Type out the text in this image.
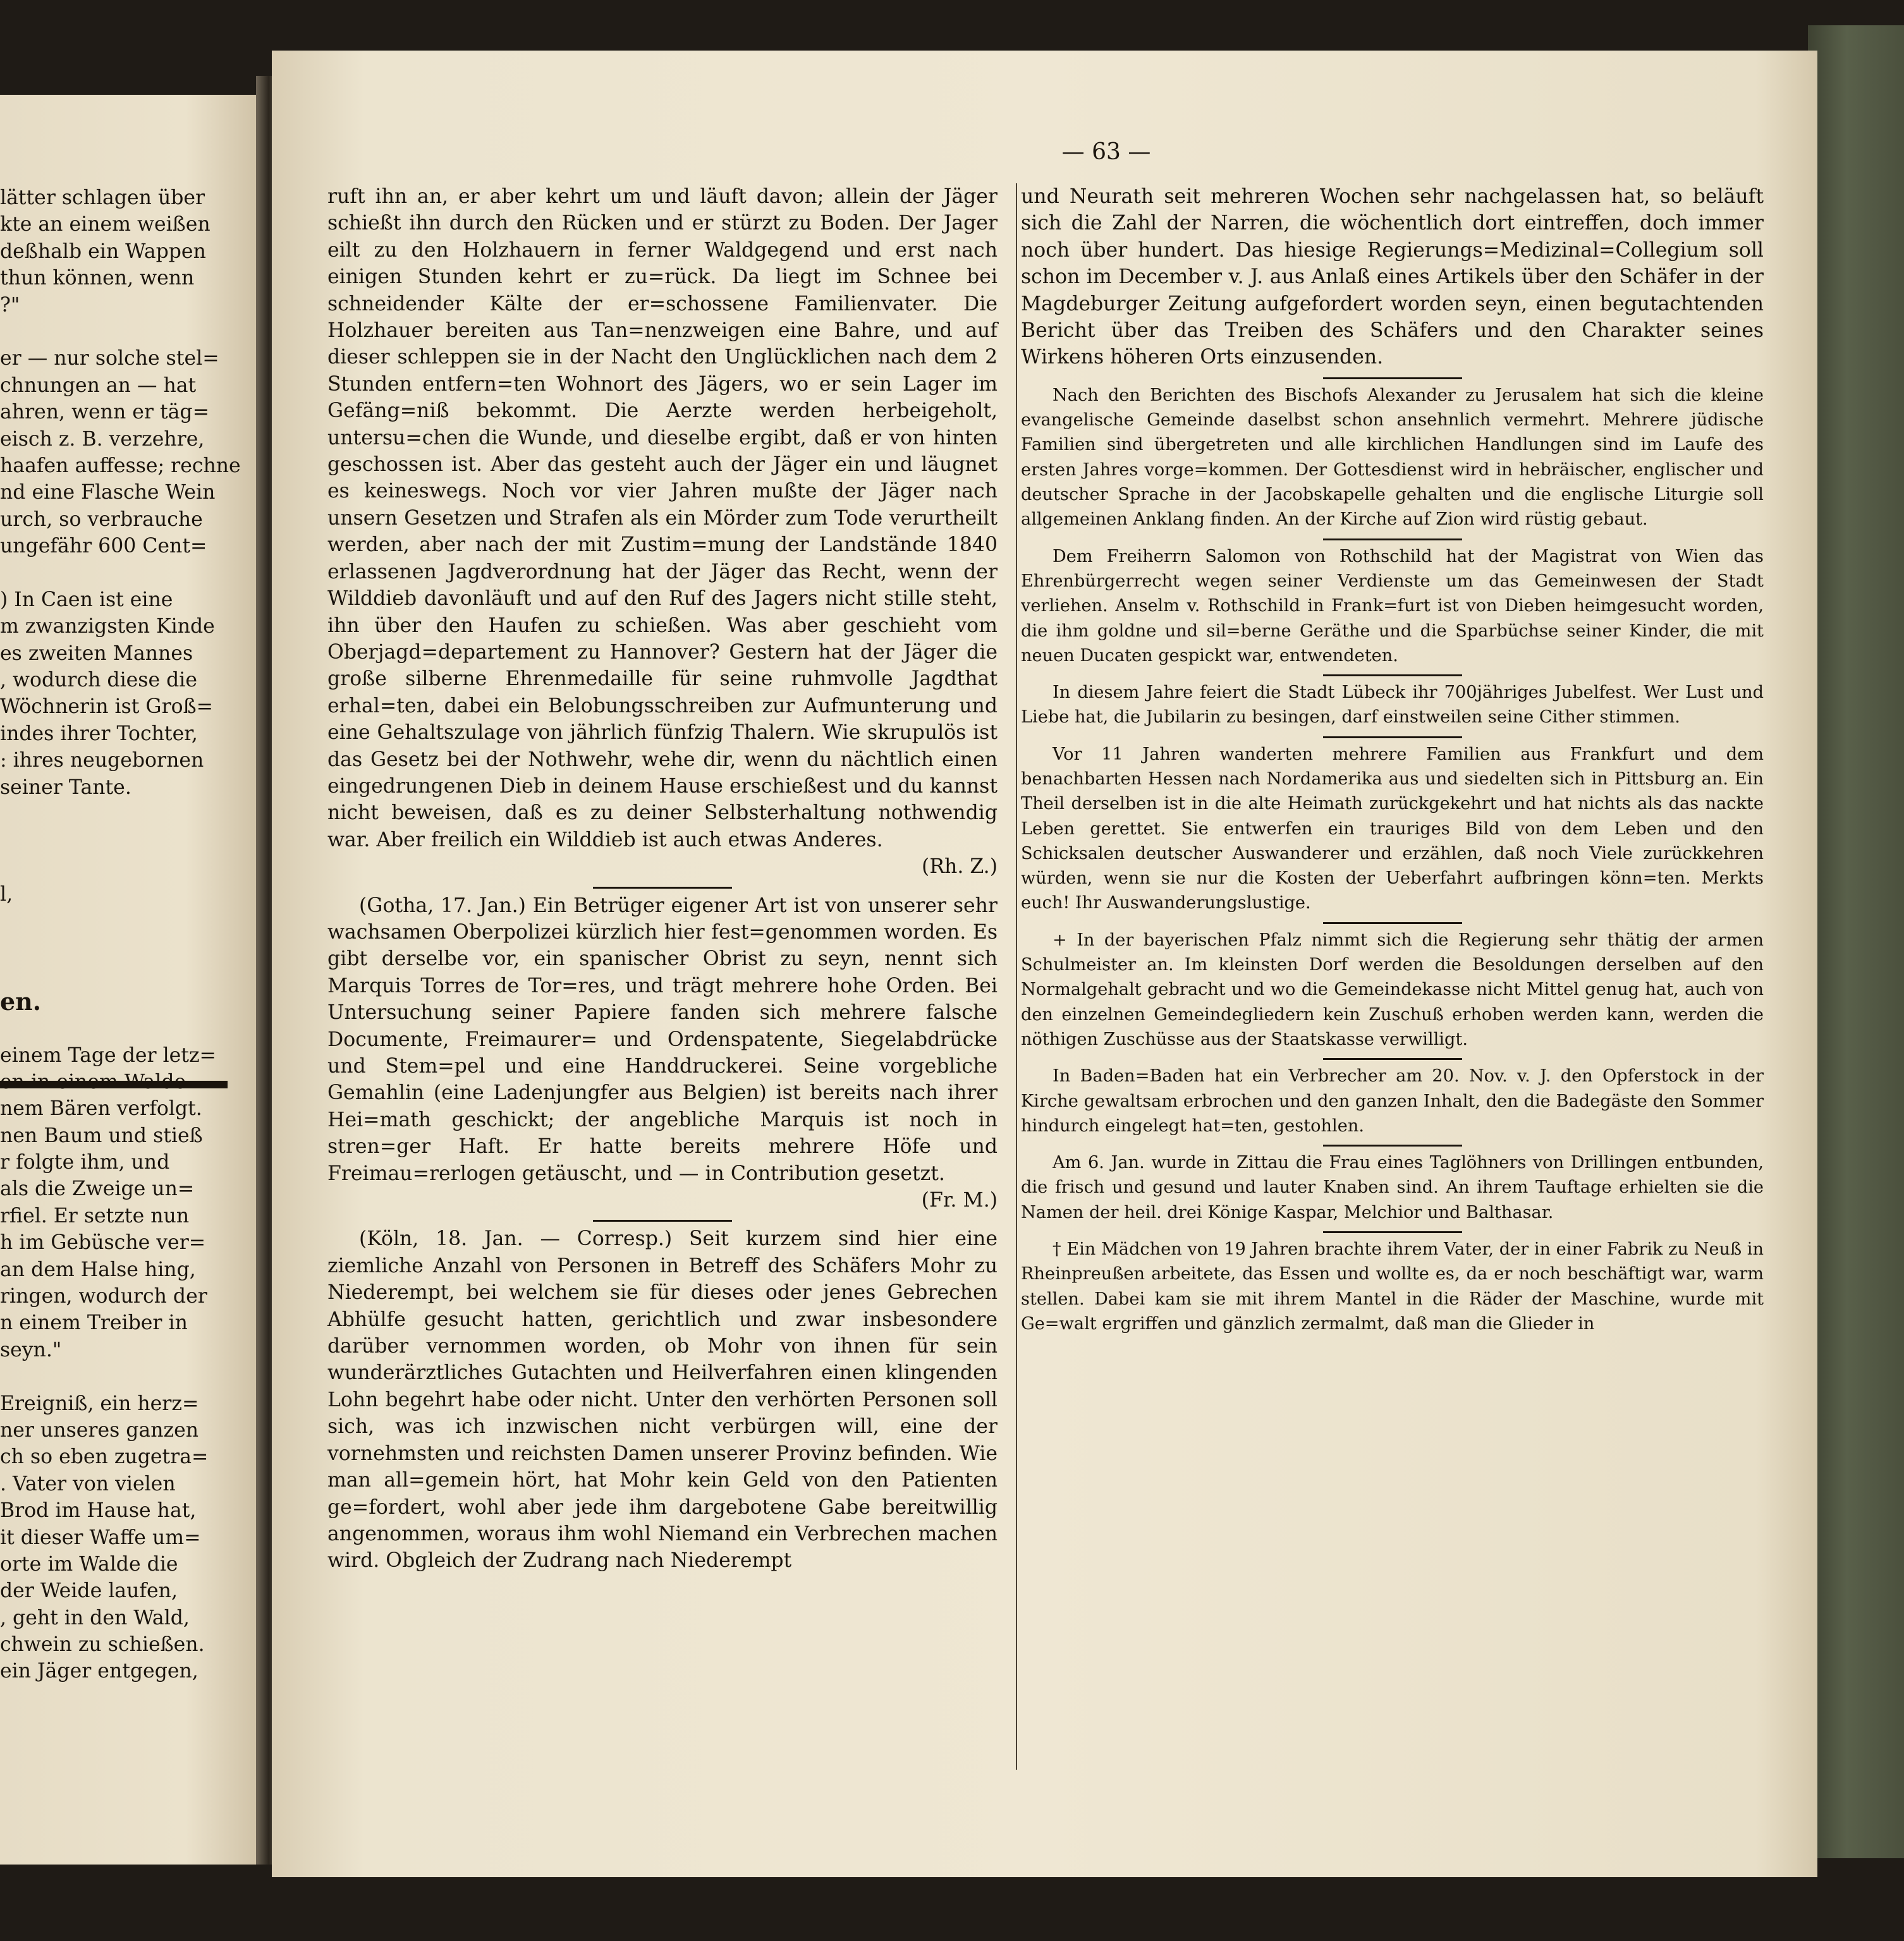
lätter schlagen über
kte an einem weißen
deßhalb ein Wappen
thun können, wenn
?"
er — nur solche stel=
chnungen an — hat
ahren, wenn er täg=
eisch z. B. verzehre,
haafen auffesse; rechne
nd eine Flasche Wein
urch, so verbrauche
ungefähr 600 Cent=
) In Caen ist eine
m zwanzigsten Kinde
es zweiten Mannes
, wodurch diese die
Wöchnerin ist Groß=
indes ihrer Tochter,
: ihres neugebornen
seiner Tante.
l,
en.
einem Tage der letz=
nem Bären verfolgt.
nen Baum und stieß
r folgte ihm, und
als die Zweige un=
rfiel. Er setzte nun
h im Gebüsche ver=
an dem Halse hing,
ringen, wodurch der
n einem Treiber in
seyn."
Ereigniß, ein herz=
ner unseres ganzen
ch so eben zugetra=
. Vater von vielen
Brod im Hause hat,
it dieser Waffe um=
orte im Walde die
der Weide laufen,
, geht in den Wald,
chwein zu schießen.
ein Jäger entgegen,
— 63 —

ruft ihn an, er aber kehrt um und läuft davon; allein der Jäger schießt ihn durch den Rücken und er stürzt zu Boden. Der Jager eilt zu den Holzhauern in ferner Waldgegend und erst nach einigen Stunden kehrt er zu=rück. Da liegt im Schnee bei schneidender Kälte der er=schossene Familienvater. Die Holzhauer bereiten aus Tan=nenzweigen eine Bahre, und auf dieser schleppen sie in der Nacht den Unglücklichen nach dem 2 Stunden entfern=ten Wohnort des Jägers, wo er sein Lager im Gefäng=niß bekommt. Die Aerzte werden herbeigeholt, untersu=chen die Wunde, und dieselbe ergibt, daß er von hinten geschossen ist. Aber das gesteht auch der Jäger ein und läugnet es keineswegs. Noch vor vier Jahren mußte der Jäger nach unsern Gesetzen und Strafen als ein Mörder zum Tode verurtheilt werden, aber nach der mit Zustim=mung der Landstände 1840 erlassenen Jagdverordnung hat der Jäger das Recht, wenn der Wilddieb davonläuft und auf den Ruf des Jagers nicht stille steht, ihn über den Haufen zu schießen. Was aber geschieht vom Oberjagd=departement zu Hannover? Gestern hat der Jäger die große silberne Ehrenmedaille für seine ruhmvolle Jagdthat erhal=ten, dabei ein Belobungsschreiben zur Aufmunterung und eine Gehaltszulage von jährlich fünfzig Thalern. Wie skrupulös ist das Gesetz bei der Nothwehr, wehe dir, wenn du nächtlich einen eingedrungenen Dieb in deinem Hause erschießest und du kannst nicht beweisen, daß es zu deiner Selbsterhaltung nothwendig war. Aber freilich ein Wilddieb ist auch etwas Anderes.

(Rh. Z.)

(Gotha, 17. Jan.) Ein Betrüger eigener Art ist von unserer sehr wachsamen Oberpolizei kürzlich hier fest=genommen worden. Es gibt derselbe vor, ein spanischer Obrist zu seyn, nennt sich Marquis Torres de Tor=res, und trägt mehrere hohe Orden. Bei Untersuchung seiner Papiere fanden sich mehrere falsche Documente, Freimaurer= und Ordenspatente, Siegelabdrücke und Stem=pel und eine Handdruckerei. Seine vorgebliche Gemahlin (eine Ladenjungfer aus Belgien) ist bereits nach ihrer Hei=math geschickt; der angebliche Marquis ist noch in stren=ger Haft. Er hatte bereits mehrere Höfe und Freimau=rerlogen getäuscht, und — in Contribution gesetzt.

(Fr. M.)

(Köln, 18. Jan. — Corresp.) Seit kurzem sind hier eine ziemliche Anzahl von Personen in Betreff des Schäfers Mohr zu Niederempt, bei welchem sie für dieses oder jenes Gebrechen Abhülfe gesucht hatten, gerichtlich und zwar insbesondere darüber vernommen worden, ob Mohr von ihnen für sein wunderärztliches Gutachten und Heilverfahren einen klingenden Lohn begehrt habe oder nicht. Unter den verhörten Personen soll sich, was ich inzwischen nicht verbürgen will, eine der vornehmsten und reichsten Damen unserer Provinz befinden. Wie man all=gemein hört, hat Mohr kein Geld von den Patienten ge=fordert, wohl aber jede ihm dargebotene Gabe bereitwillig angenommen, woraus ihm wohl Niemand ein Verbrechen machen wird. Obgleich der Zudrang nach Niederempt

und Neurath seit mehreren Wochen sehr nachgelassen hat, so beläuft sich die Zahl der Narren, die wöchentlich dort eintreffen, doch immer noch über hundert. Das hiesige Regierungs=Medizinal=Collegium soll schon im December v. J. aus Anlaß eines Artikels über den Schäfer in der Magdeburger Zeitung aufgefordert worden seyn, einen begutachtenden Bericht über das Treiben des Schäfers und den Charakter seines Wirkens höheren Orts einzusenden.

Nach den Berichten des Bischofs Alexander zu Jerusalem hat sich die kleine evangelische Gemeinde daselbst schon ansehnlich vermehrt. Mehrere jüdische Familien sind übergetreten und alle kirchlichen Handlungen sind im Laufe des ersten Jahres vorge=kommen. Der Gottesdienst wird in hebräischer, englischer und deutscher Sprache in der Jacobskapelle gehalten und die englische Liturgie soll allgemeinen Anklang finden. An der Kirche auf Zion wird rüstig gebaut.

Dem Freiherrn Salomon von Rothschild hat der Magistrat von Wien das Ehrenbürgerrecht wegen seiner Verdienste um das Gemeinwesen der Stadt verliehen. Anselm v. Rothschild in Frank=furt ist von Dieben heimgesucht worden, die ihm goldne und sil=berne Geräthe und die Sparbüchse seiner Kinder, die mit neuen Ducaten gespickt war, entwendeten.

In diesem Jahre feiert die Stadt Lübeck ihr 700jähriges Jubelfest. Wer Lust und Liebe hat, die Jubilarin zu besingen, darf einstweilen seine Cither stimmen.

Vor 11 Jahren wanderten mehrere Familien aus Frankfurt und dem benachbarten Hessen nach Nordamerika aus und siedelten sich in Pittsburg an. Ein Theil derselben ist in die alte Heimath zurückgekehrt und hat nichts als das nackte Leben gerettet. Sie entwerfen ein trauriges Bild von dem Leben und den Schicksalen deutscher Auswanderer und erzählen, daß noch Viele zurückkehren würden, wenn sie nur die Kosten der Ueberfahrt aufbringen könn=ten. Merkts euch! Ihr Auswanderungslustige.

+ In der bayerischen Pfalz nimmt sich die Regierung sehr thätig der armen Schulmeister an. Im kleinsten Dorf werden die Besoldungen derselben auf den Normalgehalt gebracht und wo die Gemeindekasse nicht Mittel genug hat, auch von den einzelnen Gemeindegliedern kein Zuschuß erhoben werden kann, werden die nöthigen Zuschüsse aus der Staatskasse verwilligt.

In Baden=Baden hat ein Verbrecher am 20. Nov. v. J. den Opferstock in der Kirche gewaltsam erbrochen und den ganzen Inhalt, den die Badegäste den Sommer hindurch eingelegt hat=ten, gestohlen.

Am 6. Jan. wurde in Zittau die Frau eines Taglöhners von Drillingen entbunden, die frisch und gesund und lauter Knaben sind. An ihrem Tauftage erhielten sie die Namen der heil. drei Könige Kaspar, Melchior und Balthasar.

† Ein Mädchen von 19 Jahren brachte ihrem Vater, der in einer Fabrik zu Neuß in Rheinpreußen arbeitete, das Essen und wollte es, da er noch beschäftigt war, warm stellen. Dabei kam sie mit ihrem Mantel in die Räder der Maschine, wurde mit Ge=walt ergriffen und gänzlich zermalmt, daß man die Glieder in
